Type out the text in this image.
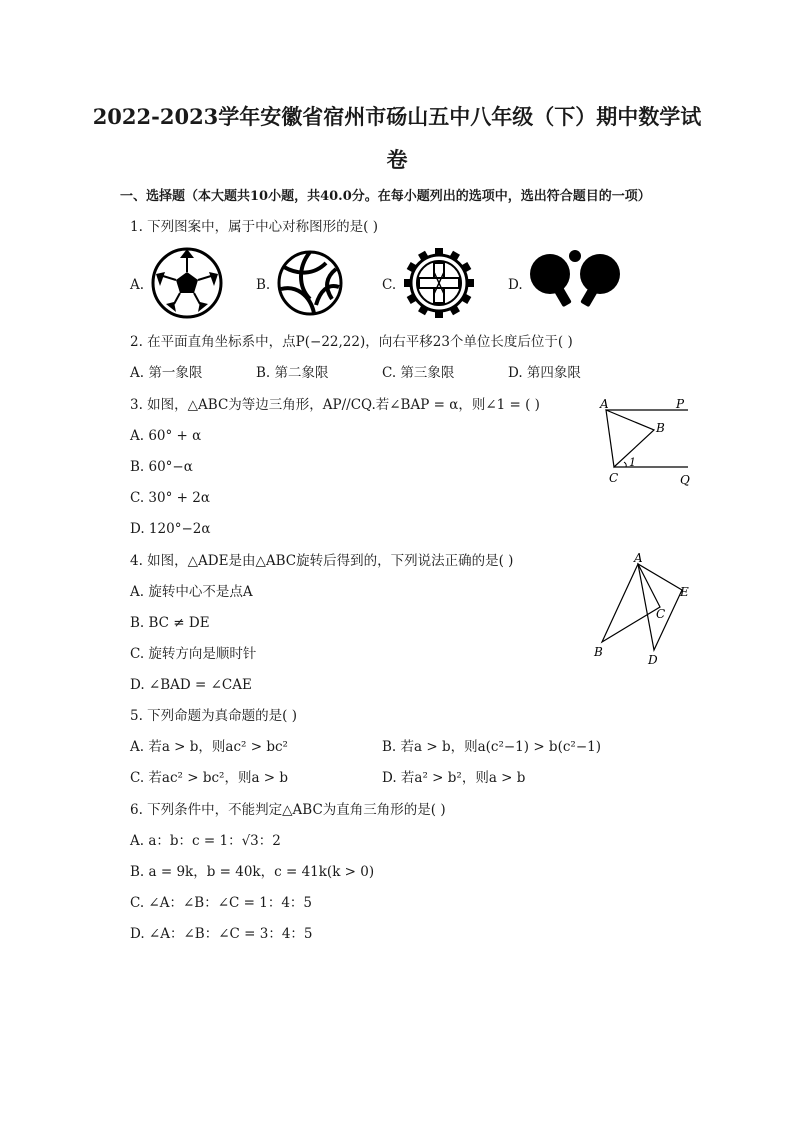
2022-2023学年安徽省宿州市砀山五中八年级（下）期中数学试
卷
一、选择题（本大题共10小题，共40.0分。在每小题列出的选项中，选出符合题目的一项）
1. 下列图案中，属于中心对称图形的是( )
A.	B.	C.	D.
2. 在平面直角坐标系中，点P(−22,22)，向右平移23个单位长度后位于( )
A. 第一象限	B. 第二象限	C. 第三象限	D. 第四象限
3. 如图，△ABC为等边三角形，AP//CQ.若∠BAP = α，则∠1 = ( )
A. 60° + α
B. 60°−α
C. 30° + 2α
D. 120°−2α
A	P
B
1
C	Q
4. 如图，△ADE是由△ABC旋转后得到的，下列说法正确的是( )
A. 旋转中心不是点A
B. BC ≠ DE
C. 旋转方向是顺时针
D. ∠BAD = ∠CAE
A
E
C
B
D
5. 下列命题为真命题的是( )
A. 若a > b，则ac² > bc²	B. 若a > b，则a(c²−1) > b(c²−1)
C. 若ac² > bc²，则a > b	D. 若a² > b²，则a > b
6. 下列条件中，不能判定△ABC为直角三角形的是( )
A. a：b：c = 1：√3：2
B. a = 9k，b = 40k，c = 41k(k > 0)
C. ∠A：∠B：∠C = 1：4：5
D. ∠A：∠B：∠C = 3：4：5
